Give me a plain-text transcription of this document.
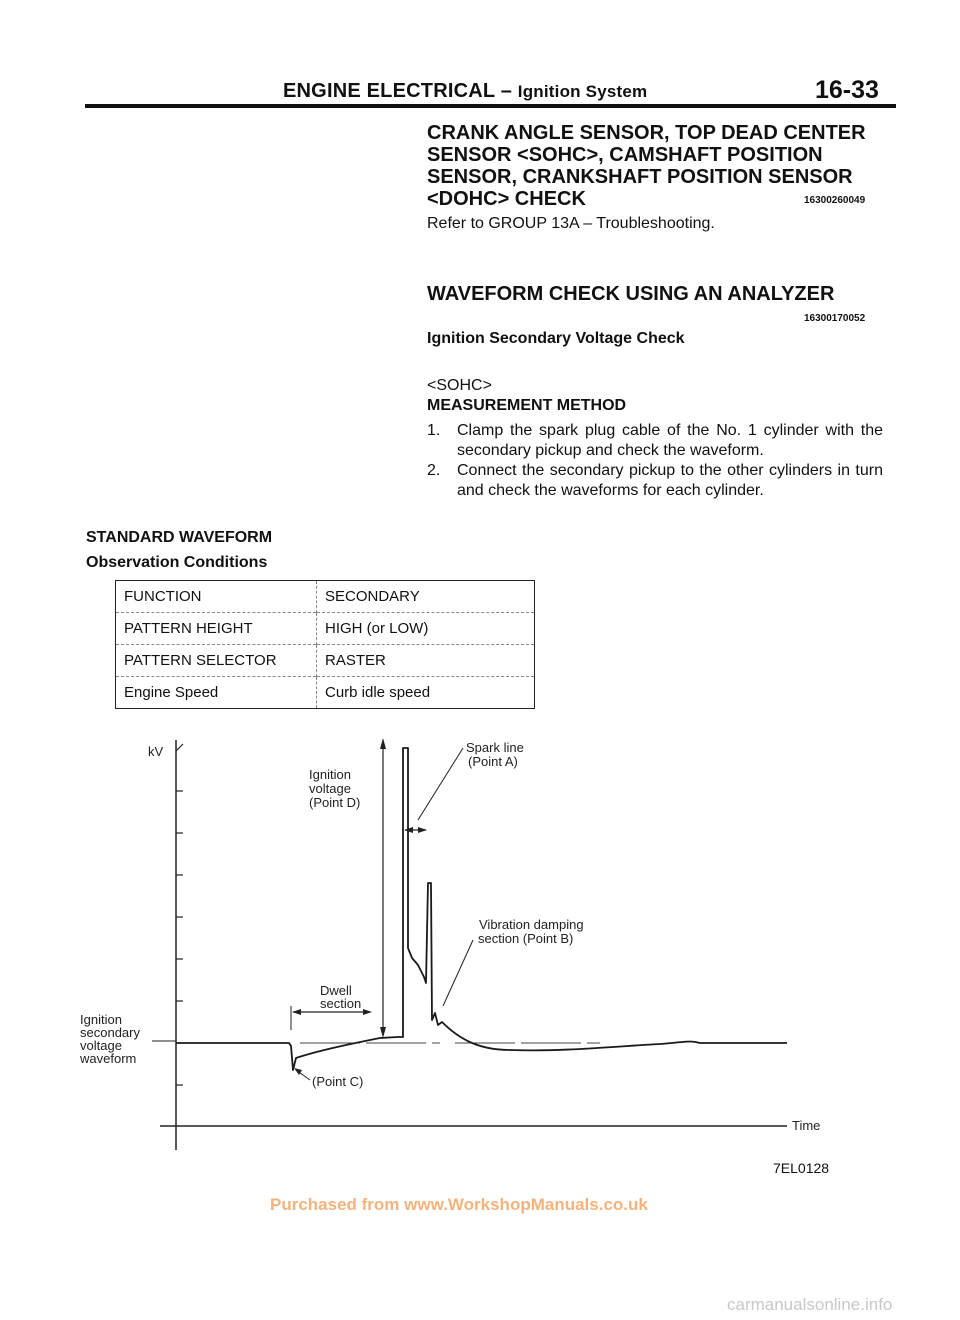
ENGINE ELECTRICAL – Ignition System	16-33
CRANK ANGLE SENSOR, TOP DEAD CENTER SENSOR <SOHC>, CAMSHAFT POSITION SENSOR, CRANKSHAFT POSITION SENSOR <DOHC> CHECK	16300260049
Refer to GROUP 13A – Troubleshooting.
WAVEFORM CHECK USING AN ANALYZER
16300170052
Ignition Secondary Voltage Check
<SOHC>
MEASUREMENT METHOD
1.	Clamp the spark plug cable of the No. 1 cylinder with the secondary pickup and check the waveform.
2.	Connect the secondary pickup to the other cylinders in turn and check the waveforms for each cylinder.
STANDARD WAVEFORM
Observation Conditions
FUNCTION	SECONDARY
PATTERN HEIGHT	HIGH (or LOW)
PATTERN SELECTOR	RASTER
Engine Speed	Curb idle speed
kV
Time
Ignition
secondary
voltage
waveform
Ignition
voltage
(Point D)
Spark line
(Point A)
Vibration damping
section (Point B)
Dwell
section
(Point C)
7EL0128
Purchased from www.WorkshopManuals.co.uk
carmanualsonline.info
